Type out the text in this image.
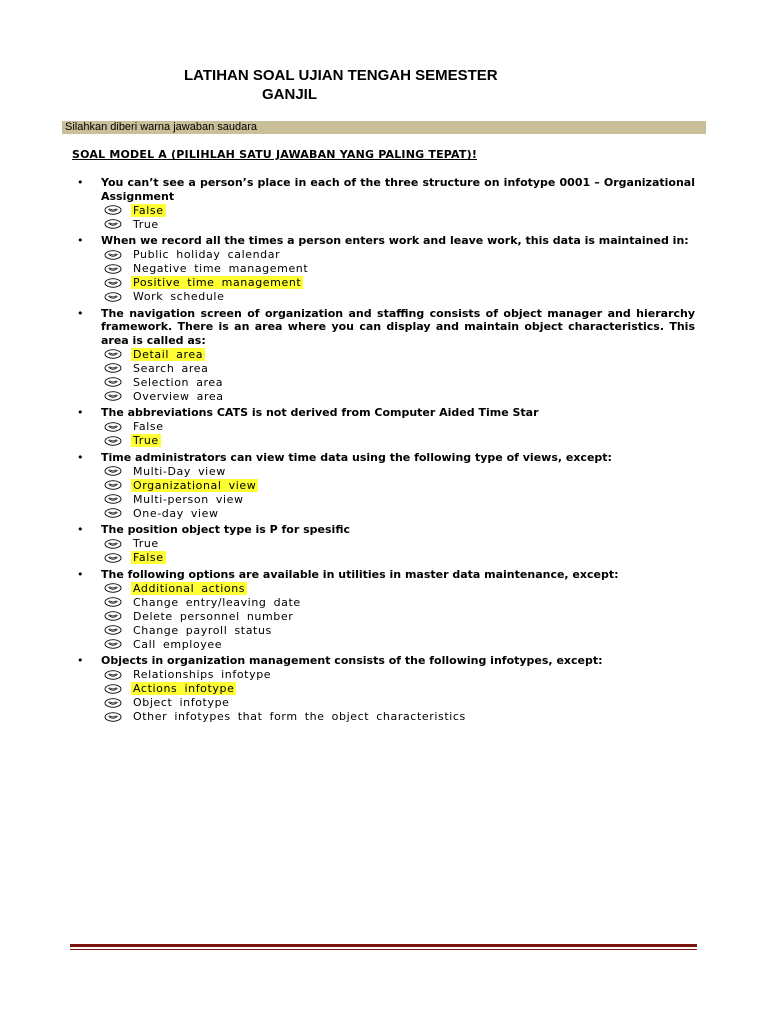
LATIHAN SOAL UJIAN TENGAH SEMESTER
GANJIL
Silahkan diberi warna jawaban saudara
SOAL MODEL A (PILIHLAH SATU JAWABAN YANG PALING TEPAT)!
• You can’t see a person’s place in each of the three structure on infotype 0001 – Organizational Assignment
False
True
• When we record all the times a person enters work and leave work, this data is maintained in:
Public holiday calendar
Negative time management
Positive time management
Work schedule
• The navigation screen of organization and staffing consists of object manager and hierarchy framework. There is an area where you can display and maintain object characteristics. This area is called as:
Detail area
Search area
Selection area
Overview area
• The abbreviations CATS is not derived from Computer Aided Time Star
False
True
• Time administrators can view time data using the following type of views, except:
Multi-Day view
Organizational view
Multi-person view
One-day view
• The position object type is P for spesific
True
False
• The following options are available in utilities in master data maintenance, except:
Additional actions
Change entry/leaving date
Delete personnel number
Change payroll status
Call employee
• Objects in organization management consists of the following infotypes, except:
Relationships infotype
Actions infotype
Object infotype
Other infotypes that form the object characteristics
